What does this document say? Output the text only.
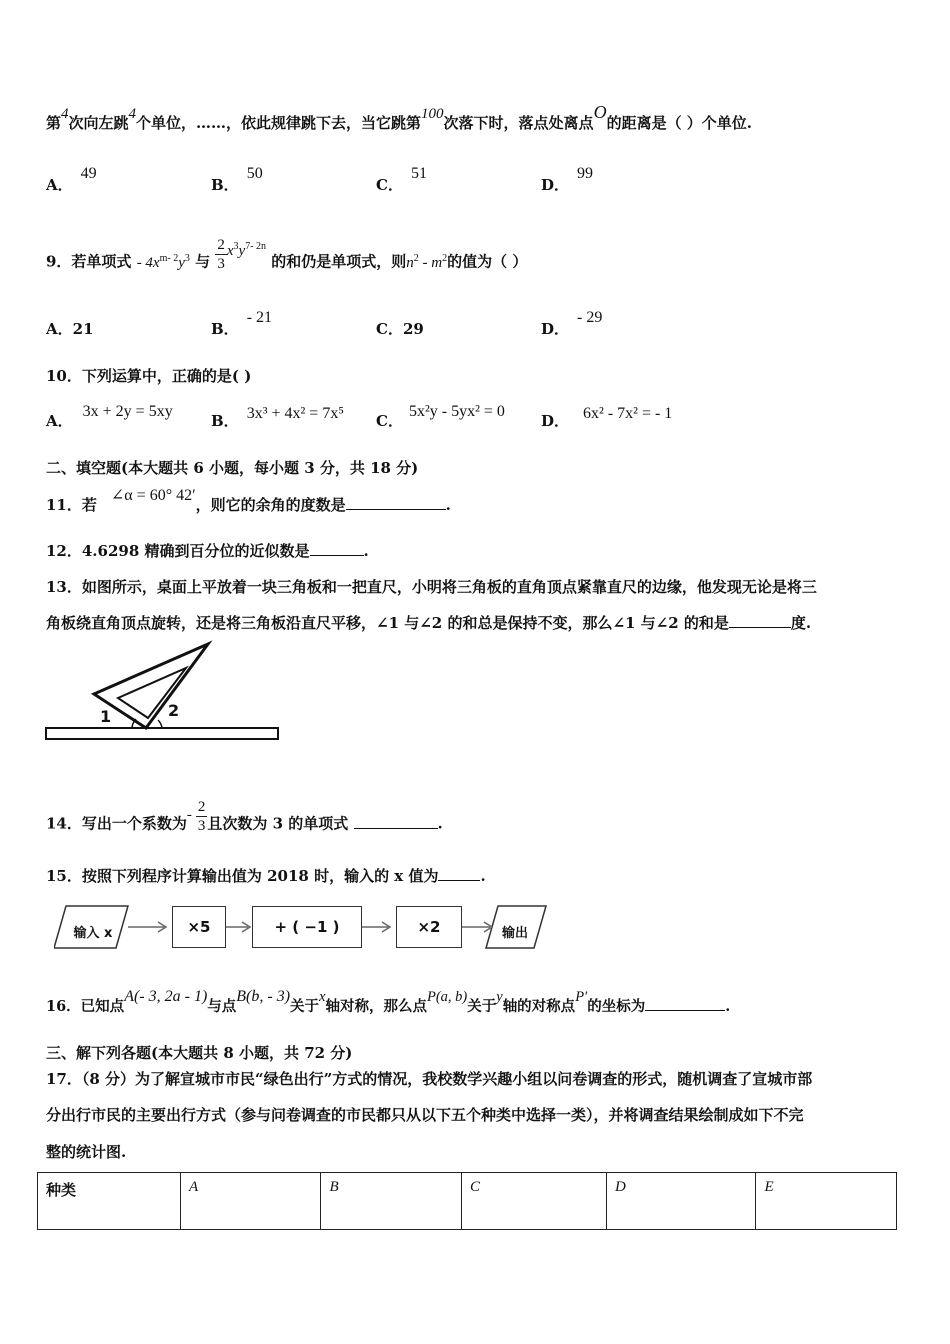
第4次向左跳4个单位，……，依此规律跳下去，当它跳第100次落下时，落点处离点O的距离是（ ）个单位.
A．49
B．50
C．51
D．99
9．若单项式 - $4x^{m- 2}y^3$ 与 $\frac{2}{3} x^3y^{7- 2n}$ 的和仍是单项式，则$n^2 - m^2$的值为（ ）
A．21	B．- 21
C．29	D．- 29
10．下列运算中，正确的是( )
A．3x + 2y = 5xy
B． 3x³ + 4x² = 7x⁵ C．5x²y - 5yx² = 0
D． 6x² - 7x² = - 1
二、填空题(本大题共 6 小题，每小题 3 分，共 18 分)
11．若∠α = 60° 42′，则它的余角的度数是	.
12．4.6298 精确到百分位的近似数是	.
13．如图所示，桌面上平放着一块三角板和一把直尺，小明将三角板的直角顶点紧靠直尺的边缘，他发现无论是将三
角板绕直角顶点旋转，还是将三角板沿直尺平移，∠1 与∠2 的和总是保持不变，那么∠1 与∠2 的和是	度.
1	2
14．写出一个系数为- $\frac{2}{3}$ 且次数为 3 的单项式	.
15．按照下列程序计算输出值为 2018 时，输入的 x 值为	.
输入 x	×5	+ ( −1 )	×2	输出
16．已知点A(- 3, 2a - 1)与点B(b, - 3)关于x轴对称，那么点P(a, b)关于y轴的对称点P′的坐标为	.
三、解下列各题(本大题共 8 小题，共 72 分)
17．（8 分）为了解宣城市市民“绿色出行”方式的情况，我校数学兴趣小组以问卷调查的形式，随机调查了宣城市部
分出行市民的主要出行方式（参与问卷调查的市民都只从以下五个种类中选择一类），并将调查结果绘制成如下不完
整的统计图.
种类	A	B	C	D	E
